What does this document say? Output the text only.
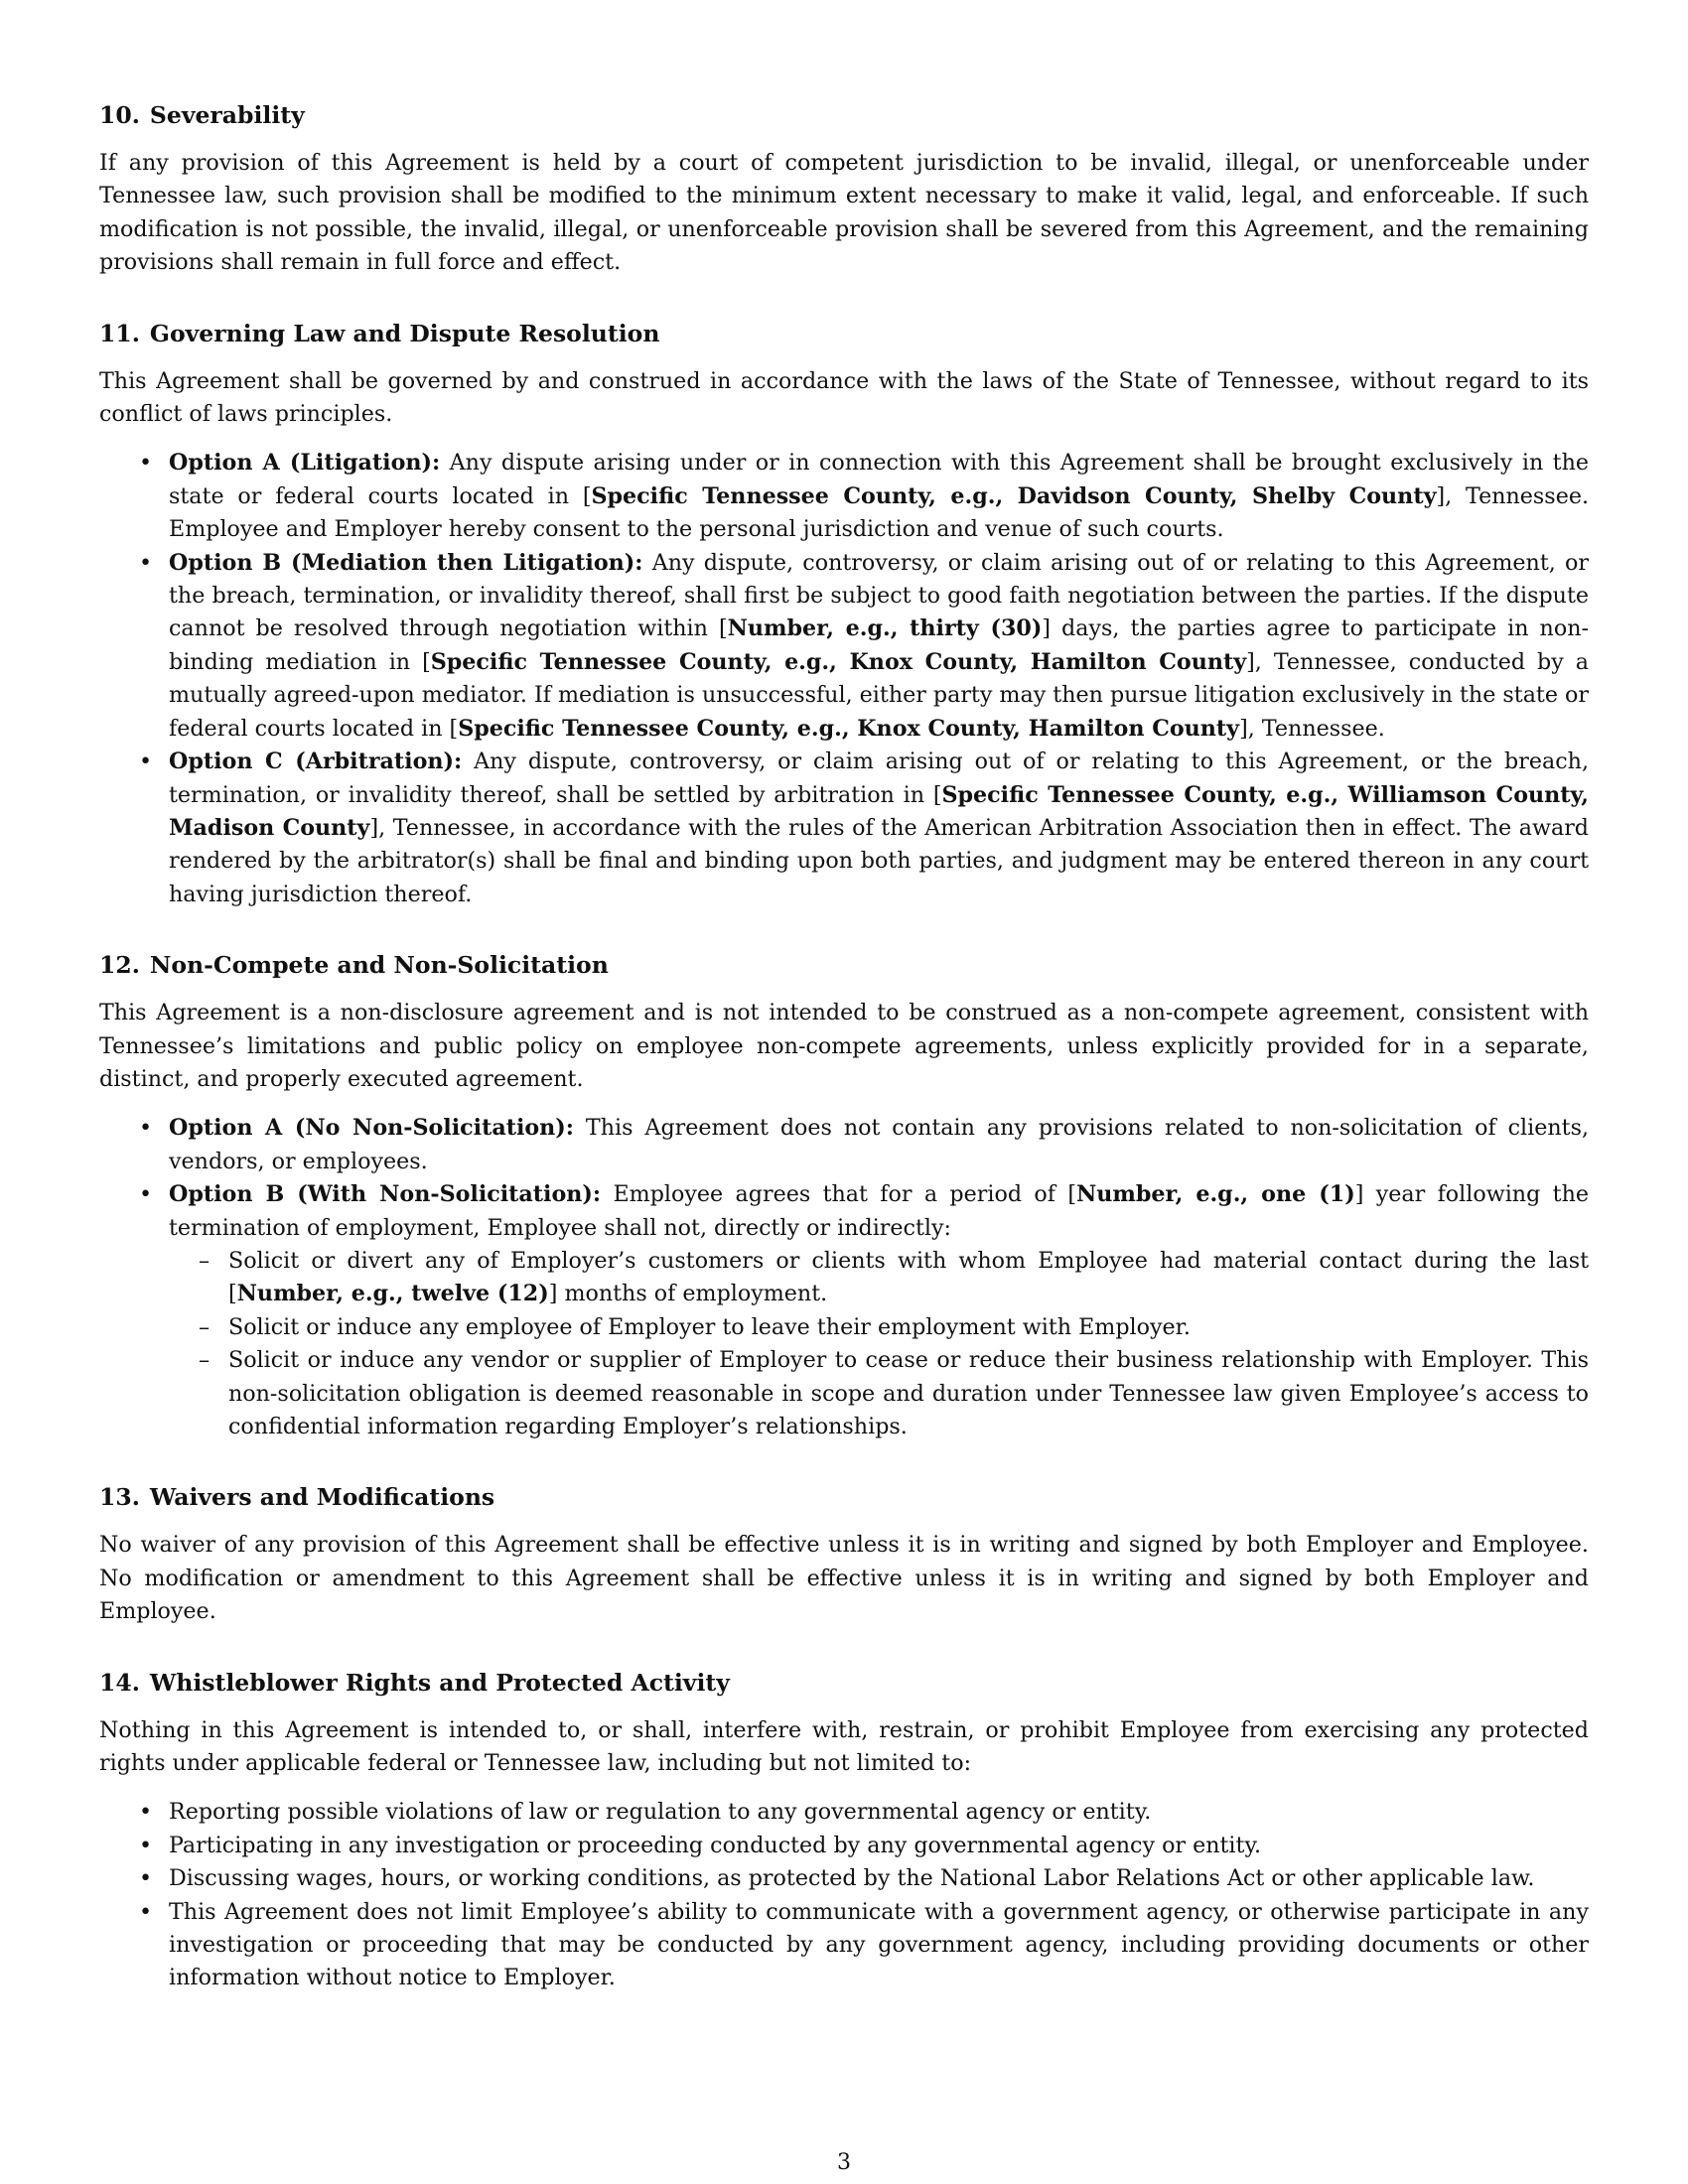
10. Severability

If any provision of this Agreement is held by a court of competent jurisdiction to be invalid, illegal, or unenforceable under Tennessee law, such provision shall be modified to the minimum extent necessary to make it valid, legal, and enforceable. If such modification is not possible, the invalid, illegal, or unenforceable provision shall be severed from this Agreement, and the remaining provisions shall remain in full force and effect.

11. Governing Law and Dispute Resolution

This Agreement shall be governed by and construed in accordance with the laws of the State of Tennessee, without regard to its conflict of laws principles.

• Option A (Litigation): Any dispute arising under or in connection with this Agreement shall be brought exclusively in the state or federal courts located in [Specific Tennessee County, e.g., Davidson County, Shelby County], Tennessee. Employee and Employer hereby consent to the personal jurisdiction and venue of such courts.
• Option B (Mediation then Litigation): Any dispute, controversy, or claim arising out of or relating to this Agreement, or the breach, termination, or invalidity thereof, shall first be subject to good faith negotiation between the parties. If the dispute cannot be resolved through negotiation within [Number, e.g., thirty (30)] days, the parties agree to participate in non-binding mediation in [Specific Tennessee County, e.g., Knox County, Hamilton County], Tennessee, conducted by a mutually agreed-upon mediator. If mediation is unsuccessful, either party may then pursue litigation exclusively in the state or federal courts located in [Specific Tennessee County, e.g., Knox County, Hamilton County], Tennessee.
• Option C (Arbitration): Any dispute, controversy, or claim arising out of or relating to this Agreement, or the breach, termination, or invalidity thereof, shall be settled by arbitration in [Specific Tennessee County, e.g., Williamson County, Madison County], Tennessee, in accordance with the rules of the American Arbitration Association then in effect. The award rendered by the arbitrator(s) shall be final and binding upon both parties, and judgment may be entered thereon in any court having jurisdiction thereof.
12. Non-Compete and Non-Solicitation

This Agreement is a non-disclosure agreement and is not intended to be construed as a non-compete agreement, consistent with Tennessee’s limitations and public policy on employee non-compete agreements, unless explicitly provided for in a separate, distinct, and properly executed agreement.

• Option A (No Non-Solicitation): This Agreement does not contain any provisions related to non-solicitation of clients, vendors, or employees.
• Option B (With Non-Solicitation): Employee agrees that for a period of [Number, e.g., one (1)] year following the termination of employment, Employee shall not, directly or indirectly:
– Solicit or divert any of Employer’s customers or clients with whom Employee had material contact during the last [Number, e.g., twelve (12)] months of employment.
– Solicit or induce any employee of Employer to leave their employment with Employer.
– Solicit or induce any vendor or supplier of Employer to cease or reduce their business relationship with Employer. This non-solicitation obligation is deemed reasonable in scope and duration under Tennessee law given Employee’s access to confidential information regarding Employer’s relationships.
13. Waivers and Modifications

No waiver of any provision of this Agreement shall be effective unless it is in writing and signed by both Employer and Employee. No modification or amendment to this Agreement shall be effective unless it is in writing and signed by both Employer and Employee.

14. Whistleblower Rights and Protected Activity

Nothing in this Agreement is intended to, or shall, interfere with, restrain, or prohibit Employee from exercising any protected rights under applicable federal or Tennessee law, including but not limited to:

• Reporting possible violations of law or regulation to any governmental agency or entity.
• Participating in any investigation or proceeding conducted by any governmental agency or entity.
• Discussing wages, hours, or working conditions, as protected by the National Labor Relations Act or other applicable law.
• This Agreement does not limit Employee’s ability to communicate with a government agency, or otherwise participate in any investigation or proceeding that may be conducted by any government agency, including providing documents or other information without notice to Employer.
3
